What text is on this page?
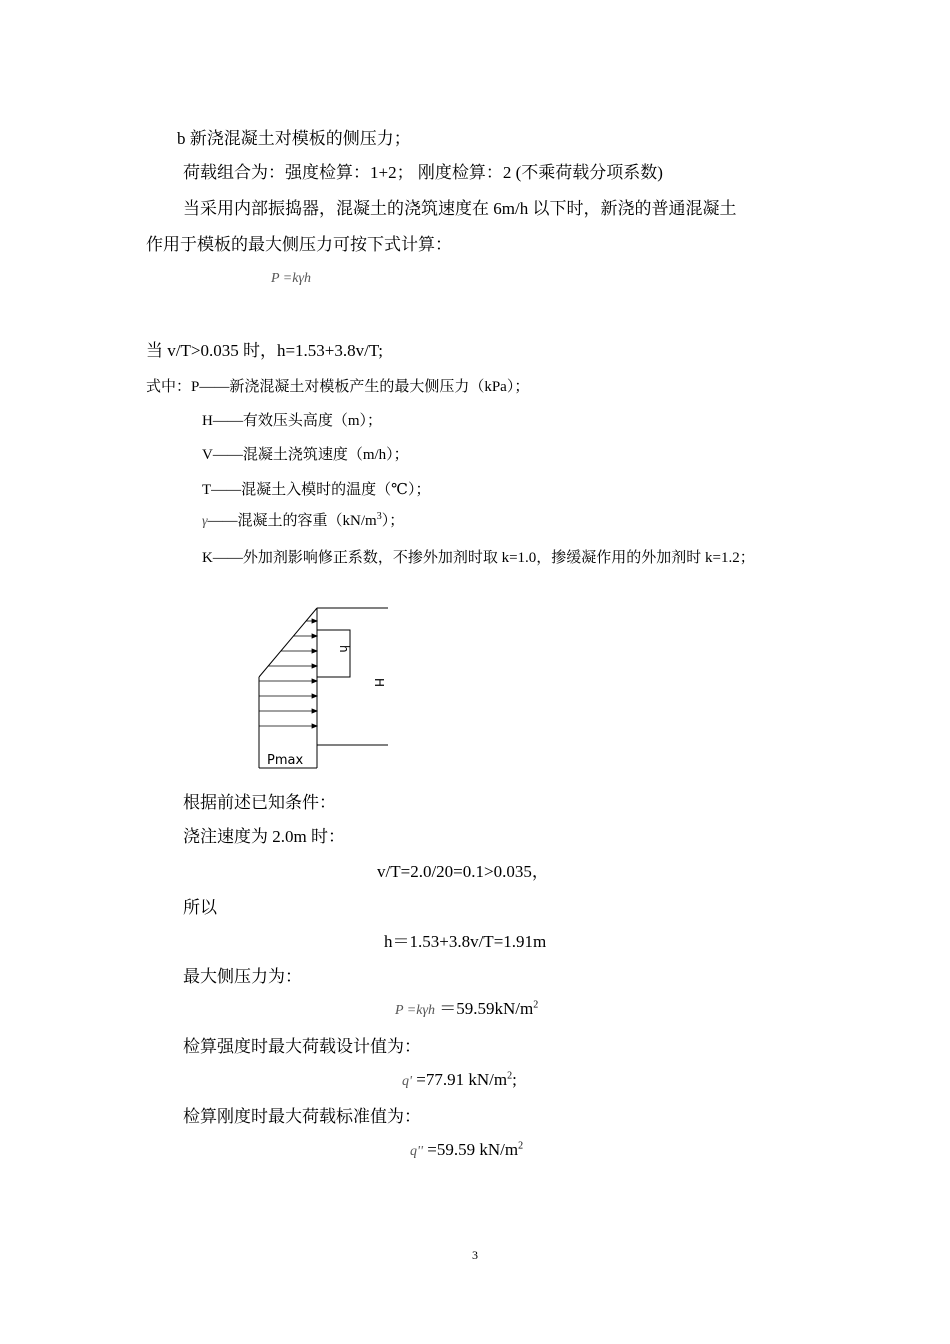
b 新浇混凝土对模板的侧压力；
荷载组合为：强度检算：1+2； 刚度检算：2 (不乘荷载分项系数)
当采用内部振捣器，混凝土的浇筑速度在 6m/h 以下时，新浇的普通混凝土
作用于模板的最大侧压力可按下式计算：
P =kγh
当 v/T>0.035 时，h=1.53+3.8v/T;
式中：P——新浇混凝土对模板产生的最大侧压力（kPa）；
H——有效压头高度（m）；
V——混凝土浇筑速度（m/h）；
T——混凝土入模时的温度（℃）；
γ——混凝土的容重$(kN/m^3)$；
K——外加剂影响修正系数，不掺外加剂时取 k=1.0，掺缓凝作用的外加剂时 k=1.2；
h
H
Pmax
根据前述已知条件：
浇注速度为 2.0m 时：
v/T=2.0/20=0.1>0.035，
所以
h＝1.53+3.8v/T=1.91m
最大侧压力为：
$P =k\gamma h =59.59kN/m^2$
检算强度时最大荷载设计值为：
q' =77.91 $kN/m^2$;
检算刚度时最大荷载标准值为：
q'' =59.59 $kN/m^2$
3
